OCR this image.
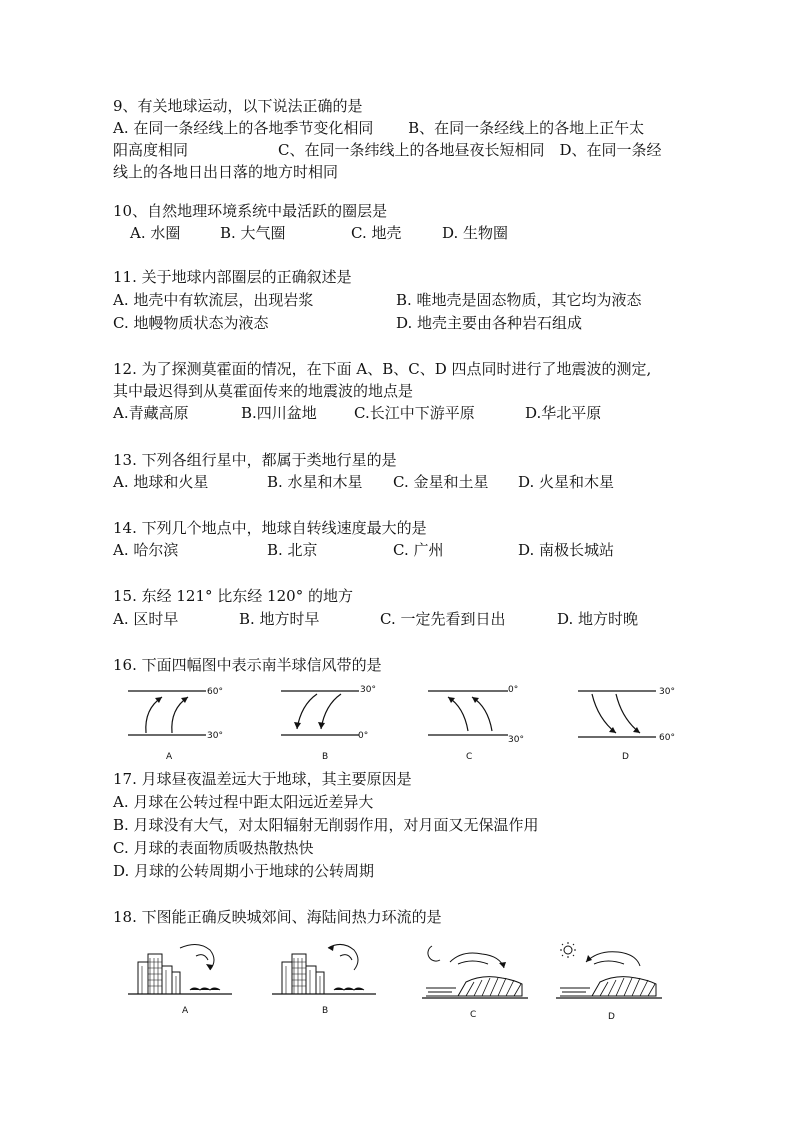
9、有关地球运动，以下说法正确的是
A. 在同一条经线上的各地季节变化相同　　 B、在同一条经线上的各地上正午太
阳高度相同　　　　　　C、在同一条纬线上的各地昼夜长短相同　D、在同一条经
线上的各地日出日落的地方时相同
10、自然地理环境系统中最活跃的圈层是
A. 水圈	B. 大气圈	C. 地壳	D. 生物圈
11. 关于地球内部圈层的正确叙述是
A. 地壳中有软流层，出现岩浆	B. 唯地壳是固态物质，其它均为液态
C. 地幔物质状态为液态	D. 地壳主要由各种岩石组成
12. 为了探测莫霍面的情况，在下面 A、B、C、D 四点同时进行了地震波的测定,
其中最迟得到从莫霍面传来的地震波的地点是
A.青藏高原	B.四川盆地 C.长江中下游平原	D.华北平原
13. 下列各组行星中，都属于类地行星的是
A. 地球和火星	B. 水星和木星 C. 金星和土星 D. 火星和木星
14. 下列几个地点中，地球自转线速度最大的是
A. 哈尔滨	B. 北京	C. 广州	D. 南极长城站
15. 东经 121° 比东经 120° 的地方
A. 区时早	B. 地方时早	C. 一定先看到日出	D. 地方时晚
16. 下面四幅图中表示南半球信风带的是
60°
30°
A
30°
0°
B
0°
30°
C
30°
60°
D
17. 月球昼夜温差远大于地球，其主要原因是
A. 月球在公转过程中距太阳远近差异大
B. 月球没有大气，对太阳辐射无削弱作用，对月面又无保温作用
C. 月球的表面物质吸热散热快
D. 月球的公转周期小于地球的公转周期
18. 下图能正确反映城郊间、海陆间热力环流的是
A	B	C	D
